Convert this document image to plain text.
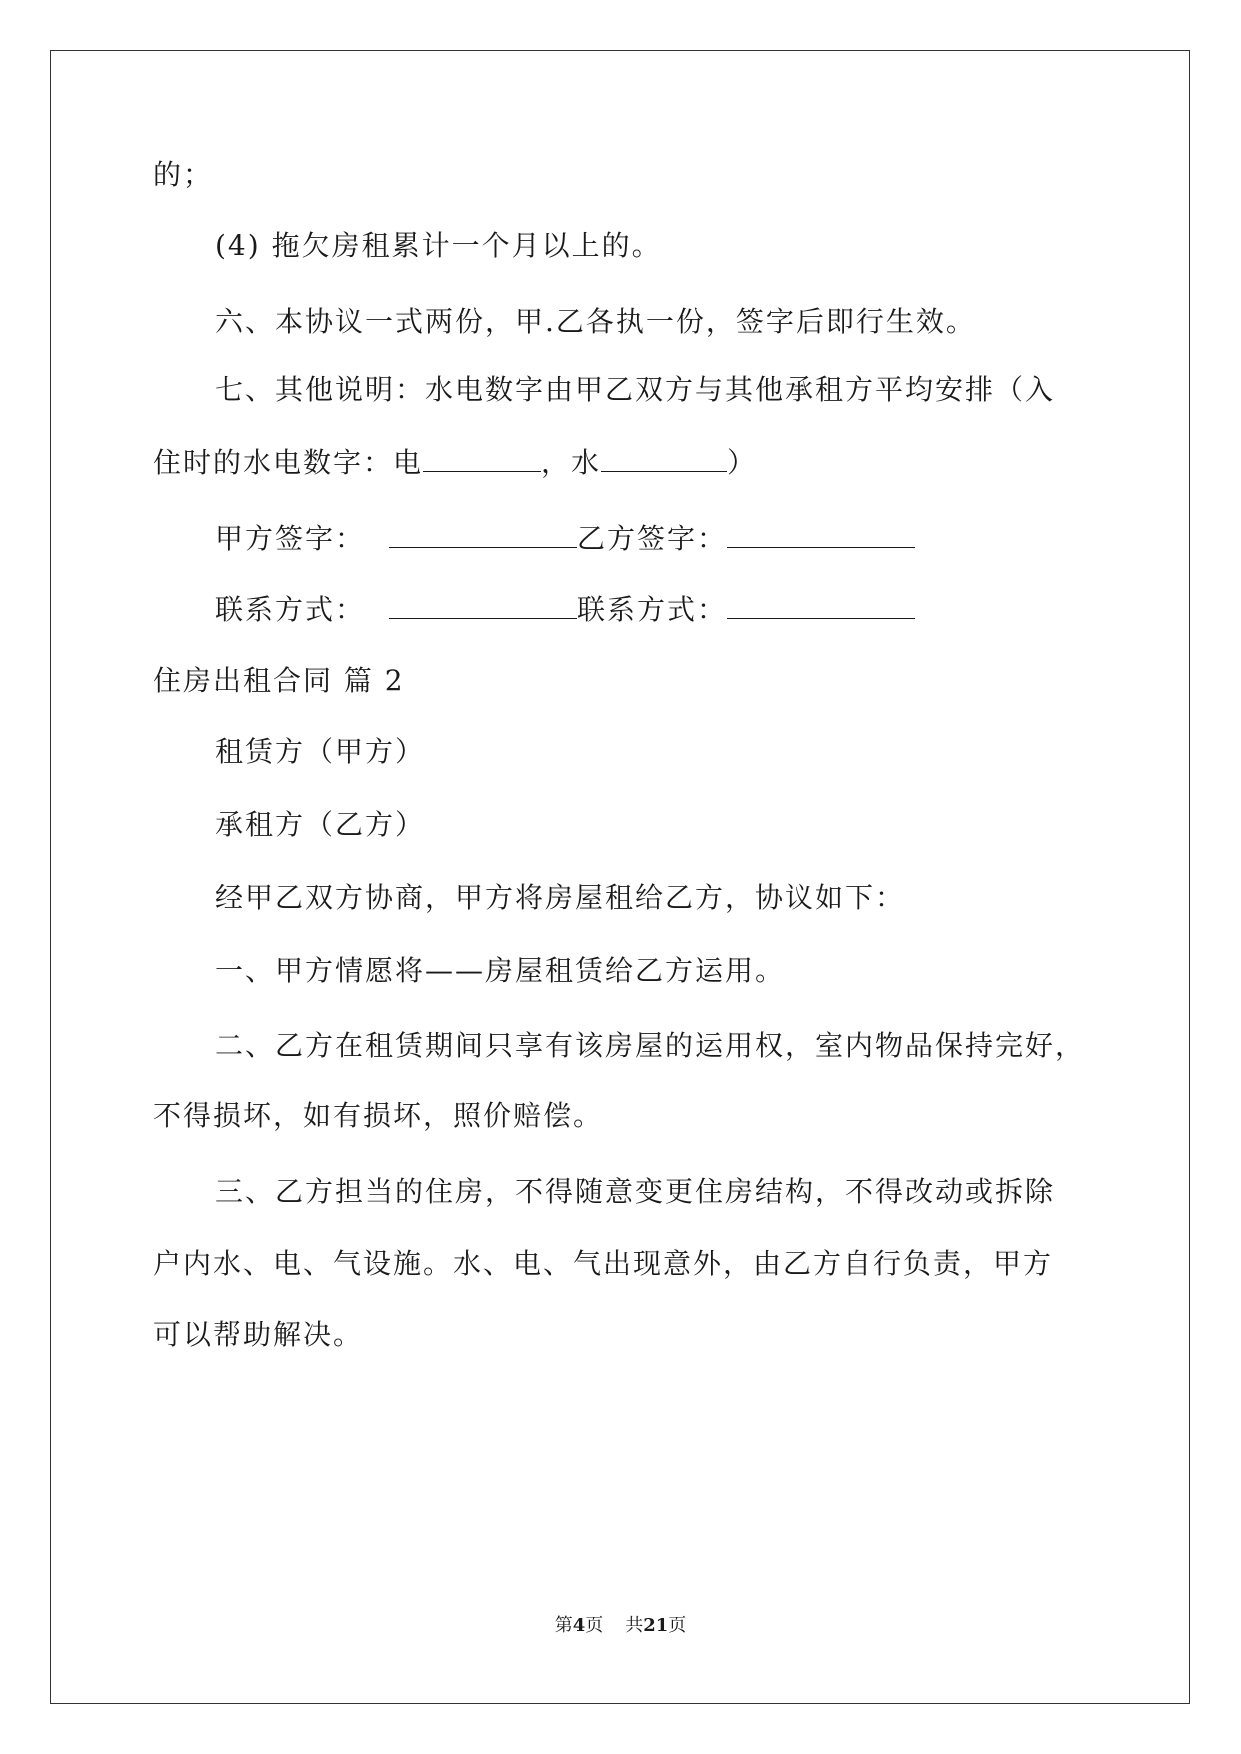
的；
(4) 拖欠房租累计一个月以上的。
六、本协议一式两份，甲.乙各执一份，签字后即行生效。
七、其他说明：水电数字由甲乙双方与其他承租方平均安排（入
住时的水电数字：电	，水	）
甲方签字：	乙方签字：
联系方式：	联系方式：
住房出租合同 篇 2
租赁方（甲方）
承租方（乙方）
经甲乙双方协商，甲方将房屋租给乙方，协议如下：
一、甲方情愿将——房屋租赁给乙方运用。
二、乙方在租赁期间只享有该房屋的运用权，室内物品保持完好，
不得损坏，如有损坏，照价赔偿。
三、乙方担当的住房，不得随意变更住房结构，不得改动或拆除
户内水、电、气设施。水、电、气出现意外，由乙方自行负责，甲方
可以帮助解决。
第4页 共21页
